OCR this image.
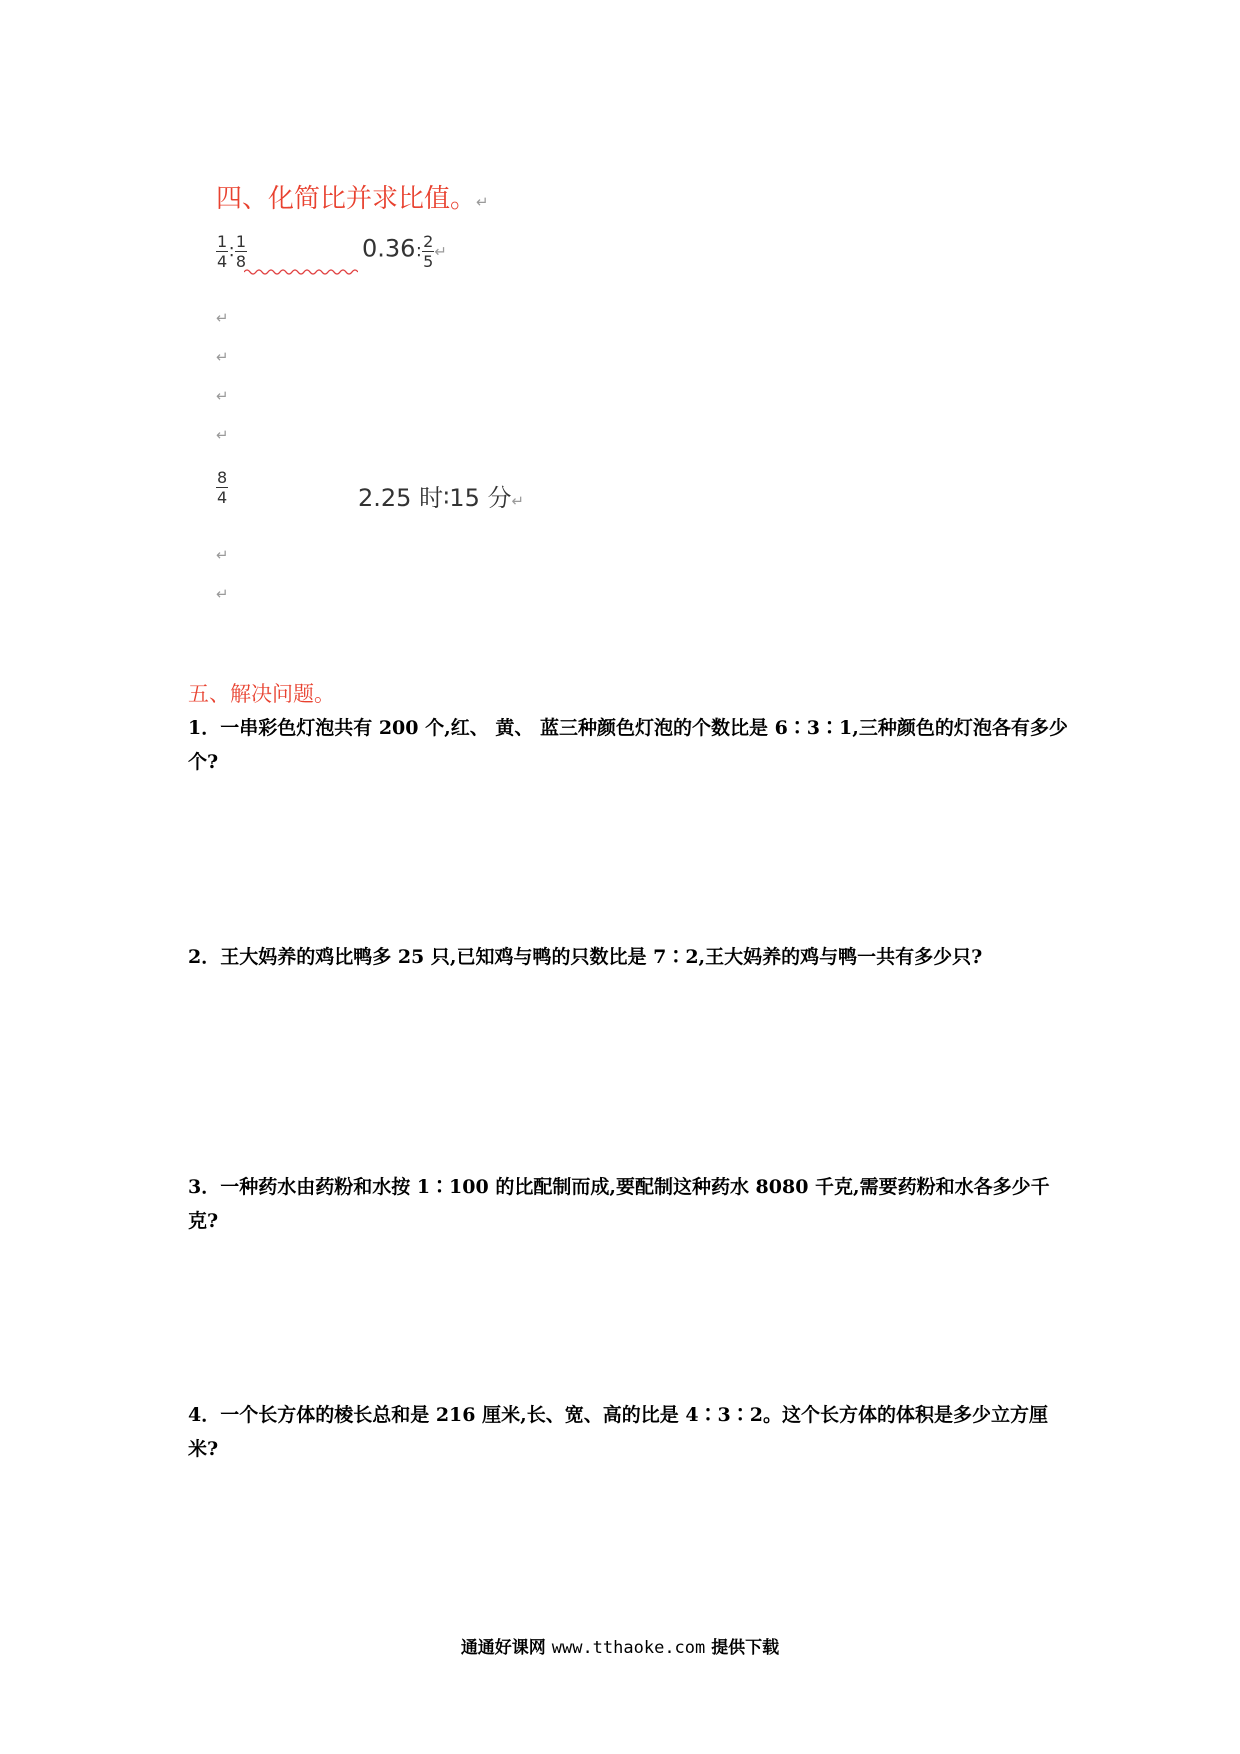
四、化简比并求比值。↵
$\frac{1}{4}$ ∶ $\frac{1}{8}$	0.36∶ $\frac{2}{5}$ ↵
↵
↵
↵
↵
$\frac{8}{4}$	2.25 时∶15 分↵
↵
↵
五、解决问题。
1．一串彩色灯泡共有 200 个,红、 黄、 蓝三种颜色灯泡的个数比是 6∶3∶1,三种颜色的灯泡各有多少个?
2．王大妈养的鸡比鸭多 25 只,已知鸡与鸭的只数比是 7∶2,王大妈养的鸡与鸭一共有多少只?
3．一种药水由药粉和水按 1∶100 的比配制而成,要配制这种药水 8080 千克,需要药粉和水各多少千克?
4．一个长方体的棱长总和是 216 厘米,长、宽、高的比是 4∶3∶2。这个长方体的体积是多少立方厘米?
通通好课网 www.tthaoke.com 提供下载
